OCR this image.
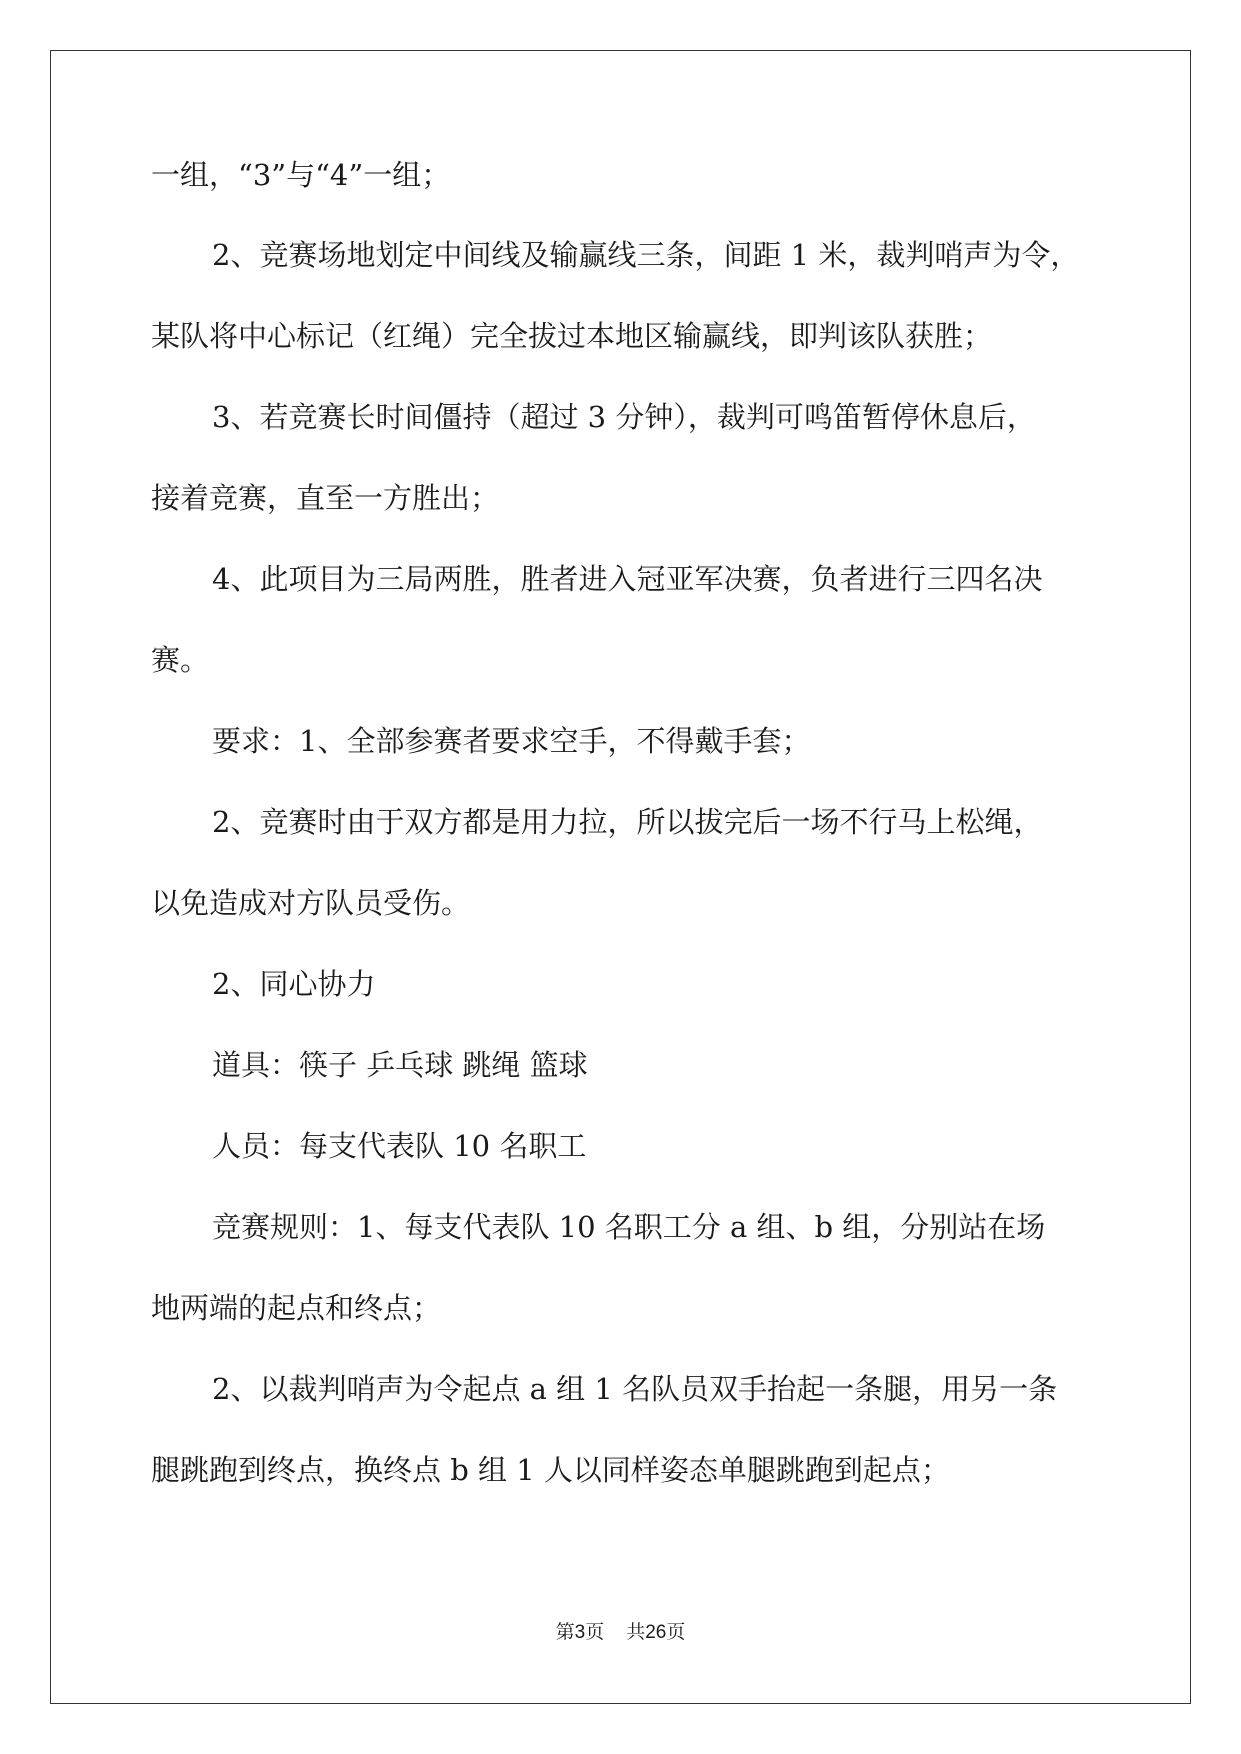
一组，“3”与“4”一组；
2、竞赛场地划定中间线及输赢线三条，间距 1 米，裁判哨声为令，
某队将中心标记（红绳）完全拔过本地区输赢线，即判该队获胜；
3、若竞赛长时间僵持（超过 3 分钟），裁判可鸣笛暂停休息后，
接着竞赛，直至一方胜出；
4、此项目为三局两胜，胜者进入冠亚军决赛，负者进行三四名决
赛。
要求：1、全部参赛者要求空手，不得戴手套；
2、竞赛时由于双方都是用力拉，所以拔完后一场不行马上松绳，
以免造成对方队员受伤。
2、同心协力
道具：筷子 乒乓球 跳绳 篮球
人员：每支代表队 10 名职工
竞赛规则：1、每支代表队 10 名职工分 a 组、b 组，分别站在场
地两端的起点和终点；
2、以裁判哨声为令起点 a 组 1 名队员双手抬起一条腿，用另一条
腿跳跑到终点，换终点 b 组 1 人以同样姿态单腿跳跑到起点；
第3页 共26页
